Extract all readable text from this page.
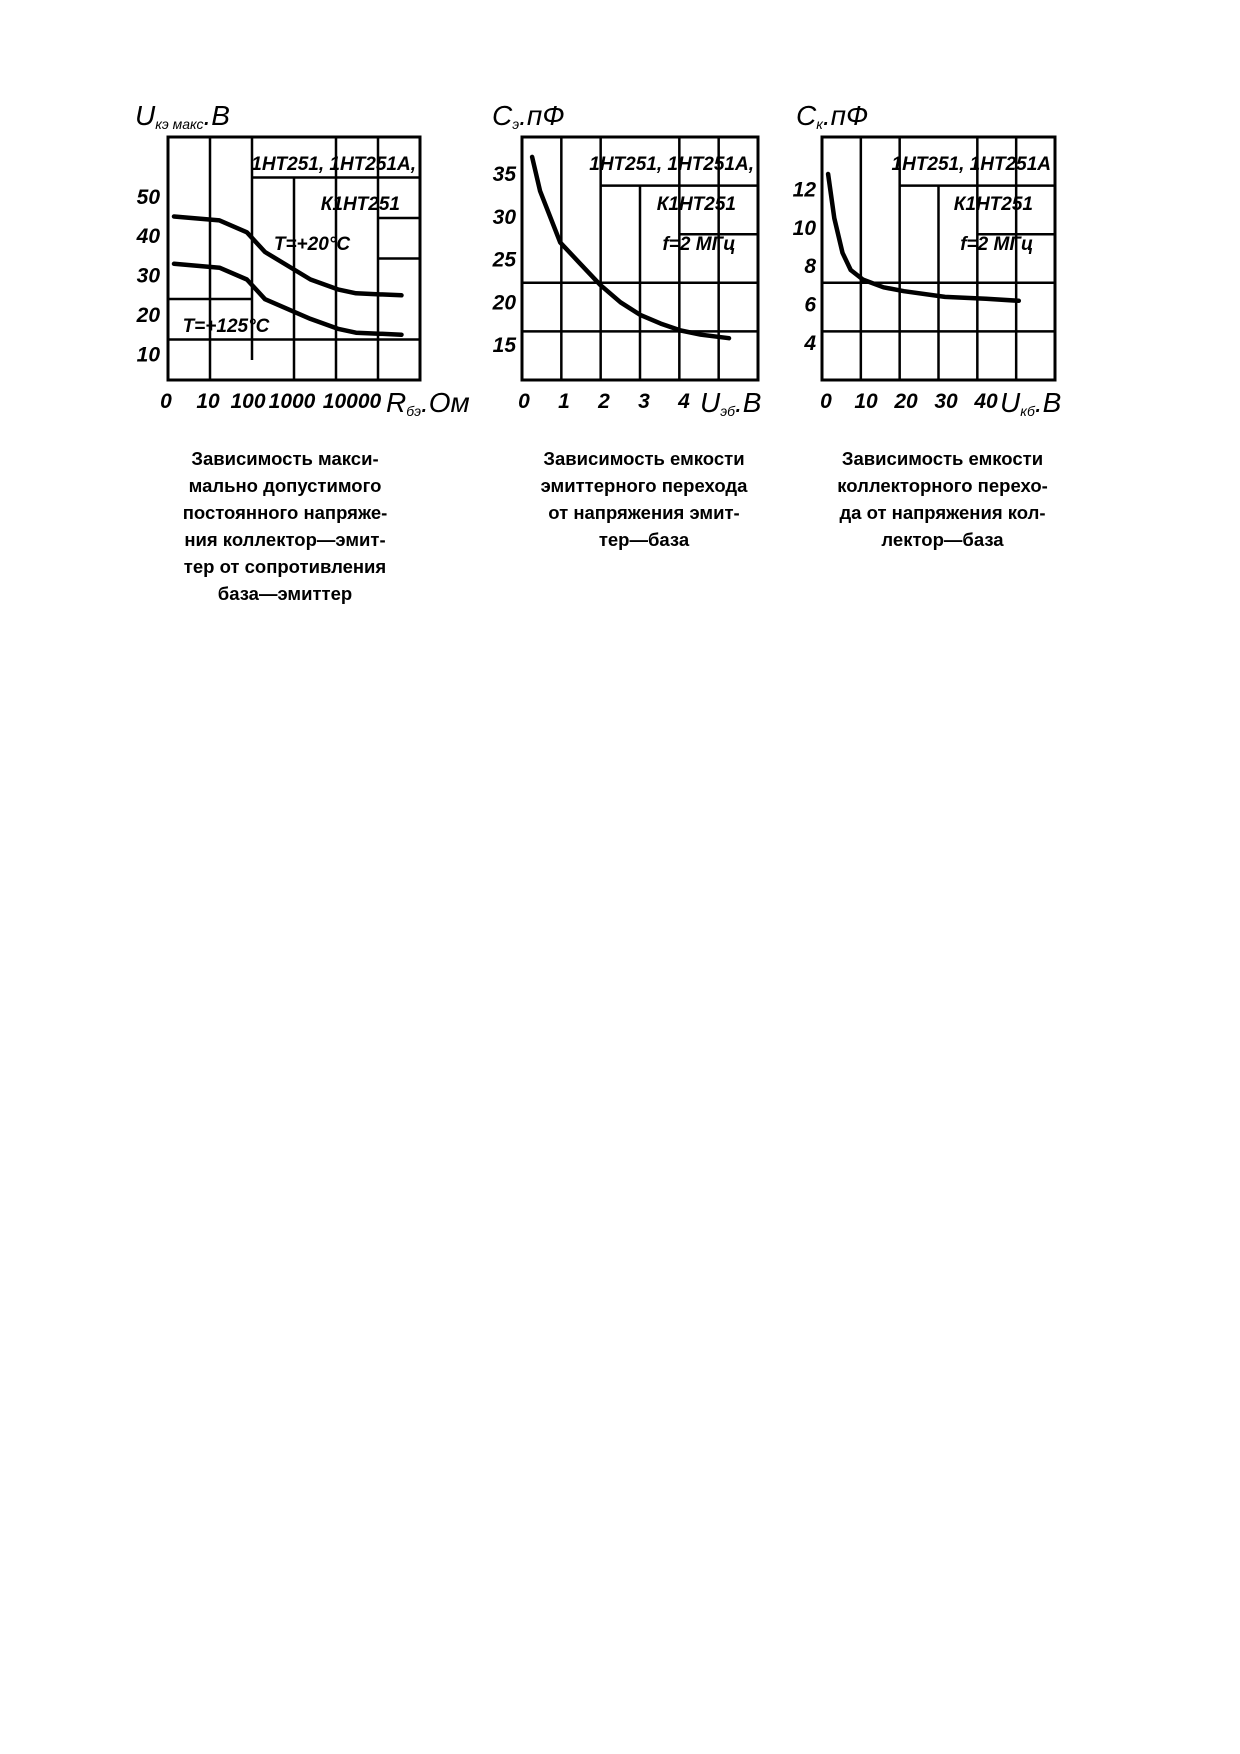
50
40
30
20
10
0 10 100 1000 10000
Uкэ макс.B
Rбэ.Ом
1НТ251, 1НТ251А,
К1НТ251
T=+20°C
T=+125°C
Зависимость макси-
мально допустимого
постоянного напряже-
ния коллектор—эмит-
тер от сопротивления
база—эмиттер
35
30
25
20
15
0 1 2 3 4
Cэ.пФ
Uэб.B
1НТ251, 1НТ251А,
К1НТ251
f=2 МГц
Зависимость емкости
эмиттерного перехода
от напряжения эмит-
тер—база
12
10
8
6
4
0 10 20 30 40
Cк.пФ
Uкб.B
1НТ251, 1НТ251А
К1НТ251
f=2 МГц
Зависимость емкости
коллекторного перехо-
да от напряжения кол-
лектор—база
